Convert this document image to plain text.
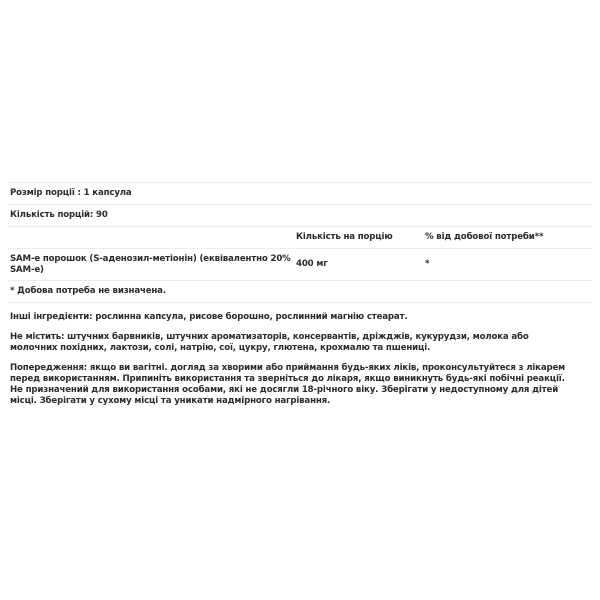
Розмір порції : 1 капсула		
Кількість порцій: 90		
	Кількість на порцію	% від добової потреби**
SAM-e порошок (S-аденозил-метіонін) (еквівалентно 20% SAM-e)	400 мг	*
* Добова потреба не визначена.		

Інші інгредієнти: рослинна капсула, рисове борошно, рослинний магнію стеарат.

Не містить: штучних барвників, штучних ароматизаторів, консервантів, дріжджів, кукурудзи, молока або молочних похідних, лактози, солі, натрію, сої, цукру, глютена, крохмалю та пшениці.

Попередження: якщо ви вагітні. догляд за хворими або приймання будь-яких ліків, проконсультуйтеся з лікарем перед використанням. Припиніть використання та зверніться до лікаря, якщо виникнуть будь-які побічні реакції. Не призначений для використання особами, які не досягли 18-річного віку. Зберігати у недоступному для дітей місці. Зберігати у сухому місці та уникати надмірного нагрівання.
